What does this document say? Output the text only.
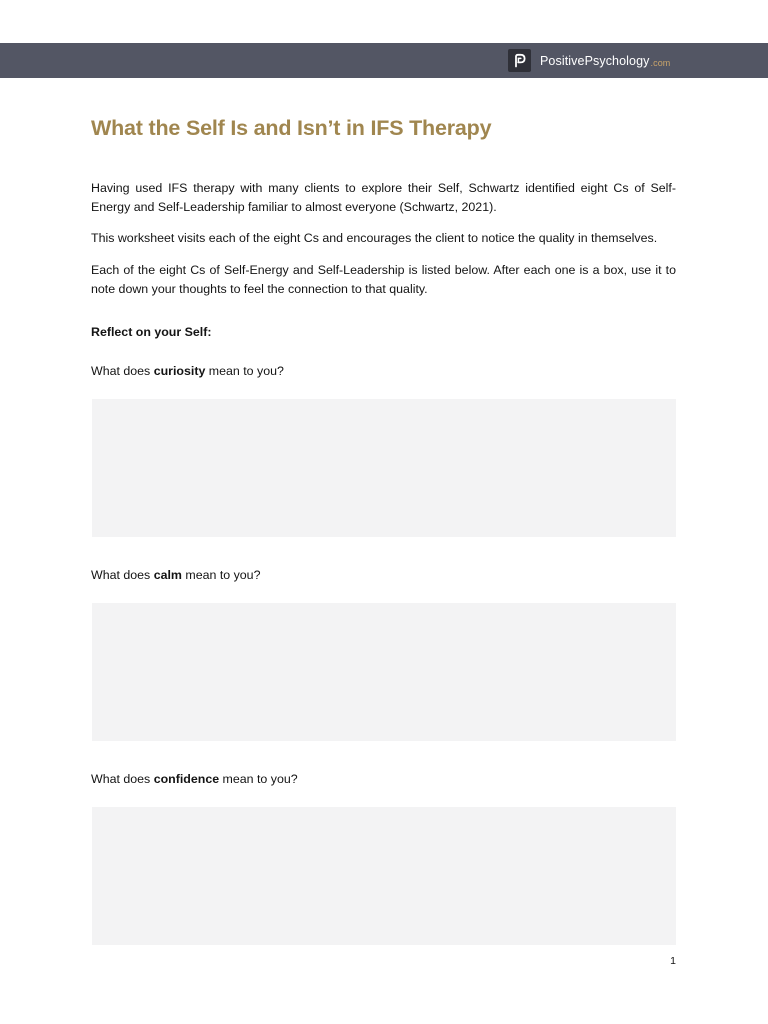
PositivePsychology.com
What the Self Is and Isn’t in IFS Therapy

Having used IFS therapy with many clients to explore their Self, Schwartz identified eight Cs of Self-Energy and Self-Leadership familiar to almost everyone (Schwartz, 2021).

This worksheet visits each of the eight Cs and encourages the client to notice the quality in themselves.

Each of the eight Cs of Self-Energy and Self-Leadership is listed below. After each one is a box, use it to note down your thoughts to feel the connection to that quality.

Reflect on your Self:

What does curiosity mean to you?

What does calm mean to you?

What does confidence mean to you?

1
